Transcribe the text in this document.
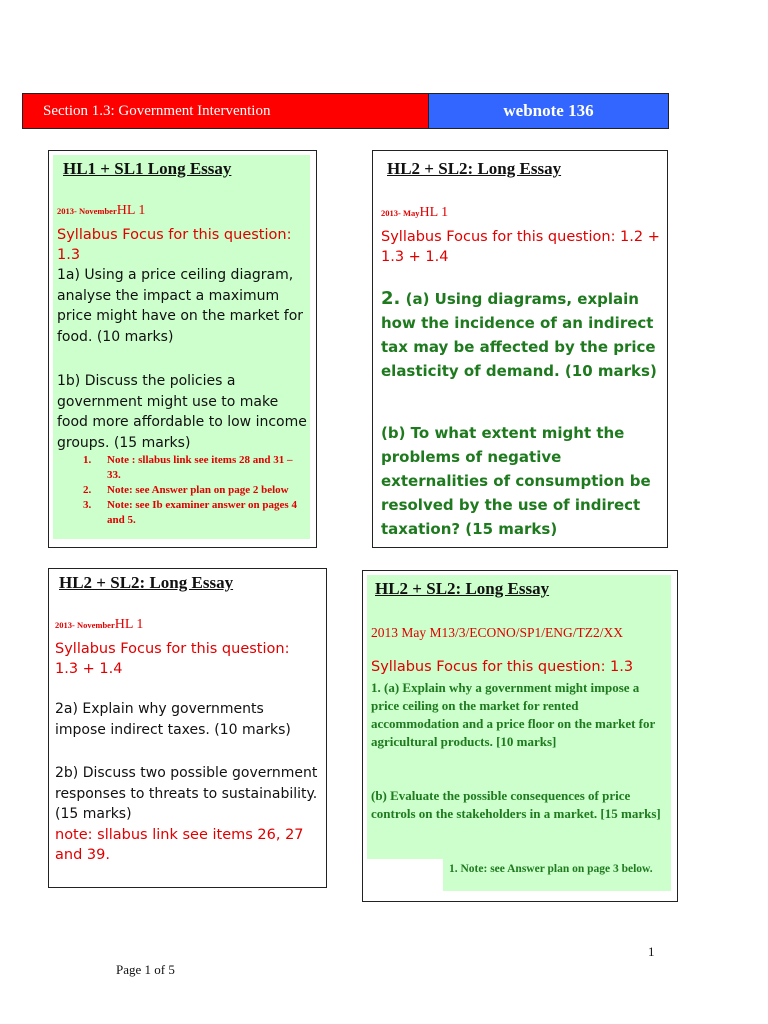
Section 1.3: Government Intervention	webnote 136
HL1 + SL1 Long Essay
2013- NovemberHL 1
Syllabus Focus for this question: 1.3
1a) Using a price ceiling diagram, analyse the impact a maximum price might have on the market for food. (10 marks)
1b) Discuss the policies a government might use to make food more affordable to low income groups. (15 marks)
1. Note : sllabus link see items 28 and 31 – 33.
2. Note: see Answer plan on page 2 below
3. Note: see Ib examiner answer on pages 4 and 5.
HL2 + SL2: Long Essay
2013- MayHL 1
Syllabus Focus for this question: 1.2 + 1.3 + 1.4
2. (a) Using diagrams, explain how the incidence of an indirect tax may be affected by the price elasticity of demand. (10 marks)
(b) To what extent might the problems of negative externalities of consumption be resolved by the use of indirect taxation? (15 marks)
HL2 + SL2: Long Essay
2013- NovemberHL 1
Syllabus Focus for this question: 1.3 + 1.4
2a) Explain why governments impose indirect taxes. (10 marks)
2b) Discuss two possible government responses to threats to sustainability. (15 marks)
note: sllabus link see items 26, 27 and 39.
HL2 + SL2: Long Essay
2013 May M13/3/ECONO/SP1/ENG/TZ2/XX
Syllabus Focus for this question: 1.3
1. (a) Explain why a government might impose a price ceiling on the market for rented accommodation and a price floor on the market for agricultural products. [10 marks]
(b) Evaluate the possible consequences of price controls on the stakeholders in a market. [15 marks]
1. Note: see Answer plan on page 3 below.
1
Page 1 of 5
